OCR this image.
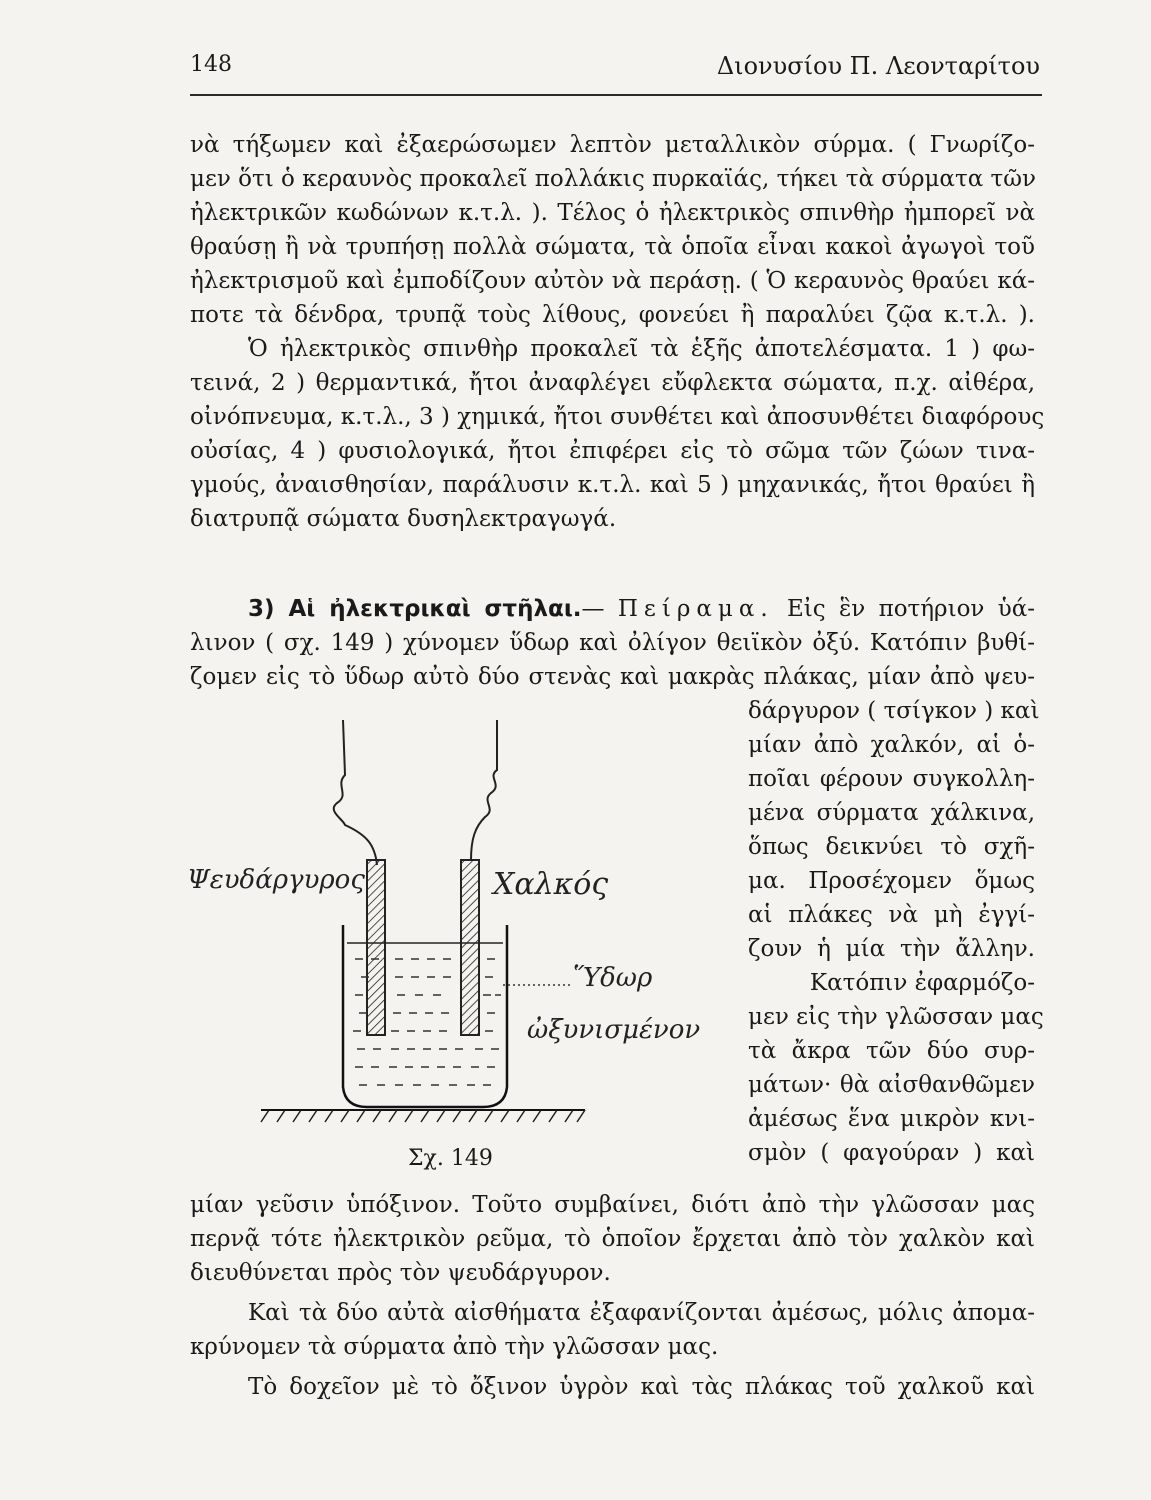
148	Διονυσίου Π. Λεονταρίτου
νὰ τήξωμεν καὶ ἐξαερώσωμεν λεπτὸν μεταλλικὸν σύρμα. ( Γνωρίζο-
μεν ὅτι ὁ κεραυνὸς προκαλεῖ πολλάκις πυρκαϊάς, τήκει τὰ σύρματα τῶν
ἠλεκτρικῶν κωδώνων κ.τ.λ. ). Τέλος ὁ ἠλεκτρικὸς σπινθὴρ ἠμπορεῖ νὰ
θραύσῃ ἢ νὰ τρυπήσῃ πολλὰ σώματα, τὰ ὁποῖα εἶναι κακοὶ ἀγωγοὶ τοῦ
ἠλεκτρισμοῦ καὶ ἐμποδίζουν αὐτὸν νὰ περάσῃ. ( Ὁ κεραυνὸς θραύει κά-
ποτε τὰ δένδρα, τρυπᾷ τοὺς λίθους, φονεύει ἢ παραλύει ζῷα κ.τ.λ. ).
Ὁ ἠλεκτρικὸς σπινθὴρ προκαλεῖ τὰ ἑξῆς ἀποτελέσματα. 1 ) φω-
τεινά, 2 ) θερμαντικά, ἤτοι ἀναφλέγει εὔφλεκτα σώματα, π.χ. αἰθέρα,
οἰνόπνευμα, κ.τ.λ., 3 ) χημικά, ἤτοι συνθέτει καὶ ἀποσυνθέτει διαφόρους
οὐσίας, 4 ) φυσιολογικά, ἤτοι ἐπιφέρει εἰς τὸ σῶμα τῶν ζώων τινα-
γμούς, ἀναισθησίαν, παράλυσιν κ.τ.λ. καὶ 5 ) μηχανικάς, ἤτοι θραύει ἢ
διατρυπᾷ σώματα δυσηλεκτραγωγά.
3) Αἱ ἠλεκτρικαὶ στῆλαι.— Πείραμα. Εἰς ἓν ποτήριον ὑά-
λινον ( σχ. 149 ) χύνομεν ὕδωρ καὶ ὀλίγον θειϊκὸν ὀξύ. Κατόπιν βυθί-
ζομεν εἰς τὸ ὕδωρ αὐτὸ δύο στενὰς καὶ μακρὰς πλάκας, μίαν ἀπὸ ψευ-
δάργυρον ( τσίγκον ) καὶ
μίαν ἀπὸ χαλκόν, αἱ ὁ-
ποῖαι φέρουν συγκολλη-
μένα σύρματα χάλκινα,
ὅπως δεικνύει τὸ σχῆ-
μα. Προσέχομεν ὅμως
αἱ πλάκες νὰ μὴ ἐγγί-
ζουν ἡ μία τὴν ἄλλην.
Κατόπιν ἐφαρμόζο-
μεν εἰς τὴν γλῶσσαν μας
τὰ ἄκρα τῶν δύο συρ-
μάτων· θὰ αἰσθανθῶμεν
ἀμέσως ἕνα μικρὸν κνι-
σμὸν ( φαγούραν ) καὶ
Ψευδάργυρος	Χαλκός
Ὕδωρ
ὠξυνισμένον
Σχ. 149
μίαν γεῦσιν ὑπόξινον. Τοῦτο συμβαίνει, διότι ἀπὸ τὴν γλῶσσαν μας
περνᾷ τότε ἠλεκτρικὸν ρεῦμα, τὸ ὁποῖον ἔρχεται ἀπὸ τὸν χαλκὸν καὶ
διευθύνεται πρὸς τὸν ψευδάργυρον.
Καὶ τὰ δύο αὐτὰ αἰσθήματα ἐξαφανίζονται ἀμέσως, μόλις ἀπομα-
κρύνομεν τὰ σύρματα ἀπὸ τὴν γλῶσσαν μας.
Τὸ δοχεῖον μὲ τὸ ὄξινον ὑγρὸν καὶ τὰς πλάκας τοῦ χαλκοῦ καὶ
